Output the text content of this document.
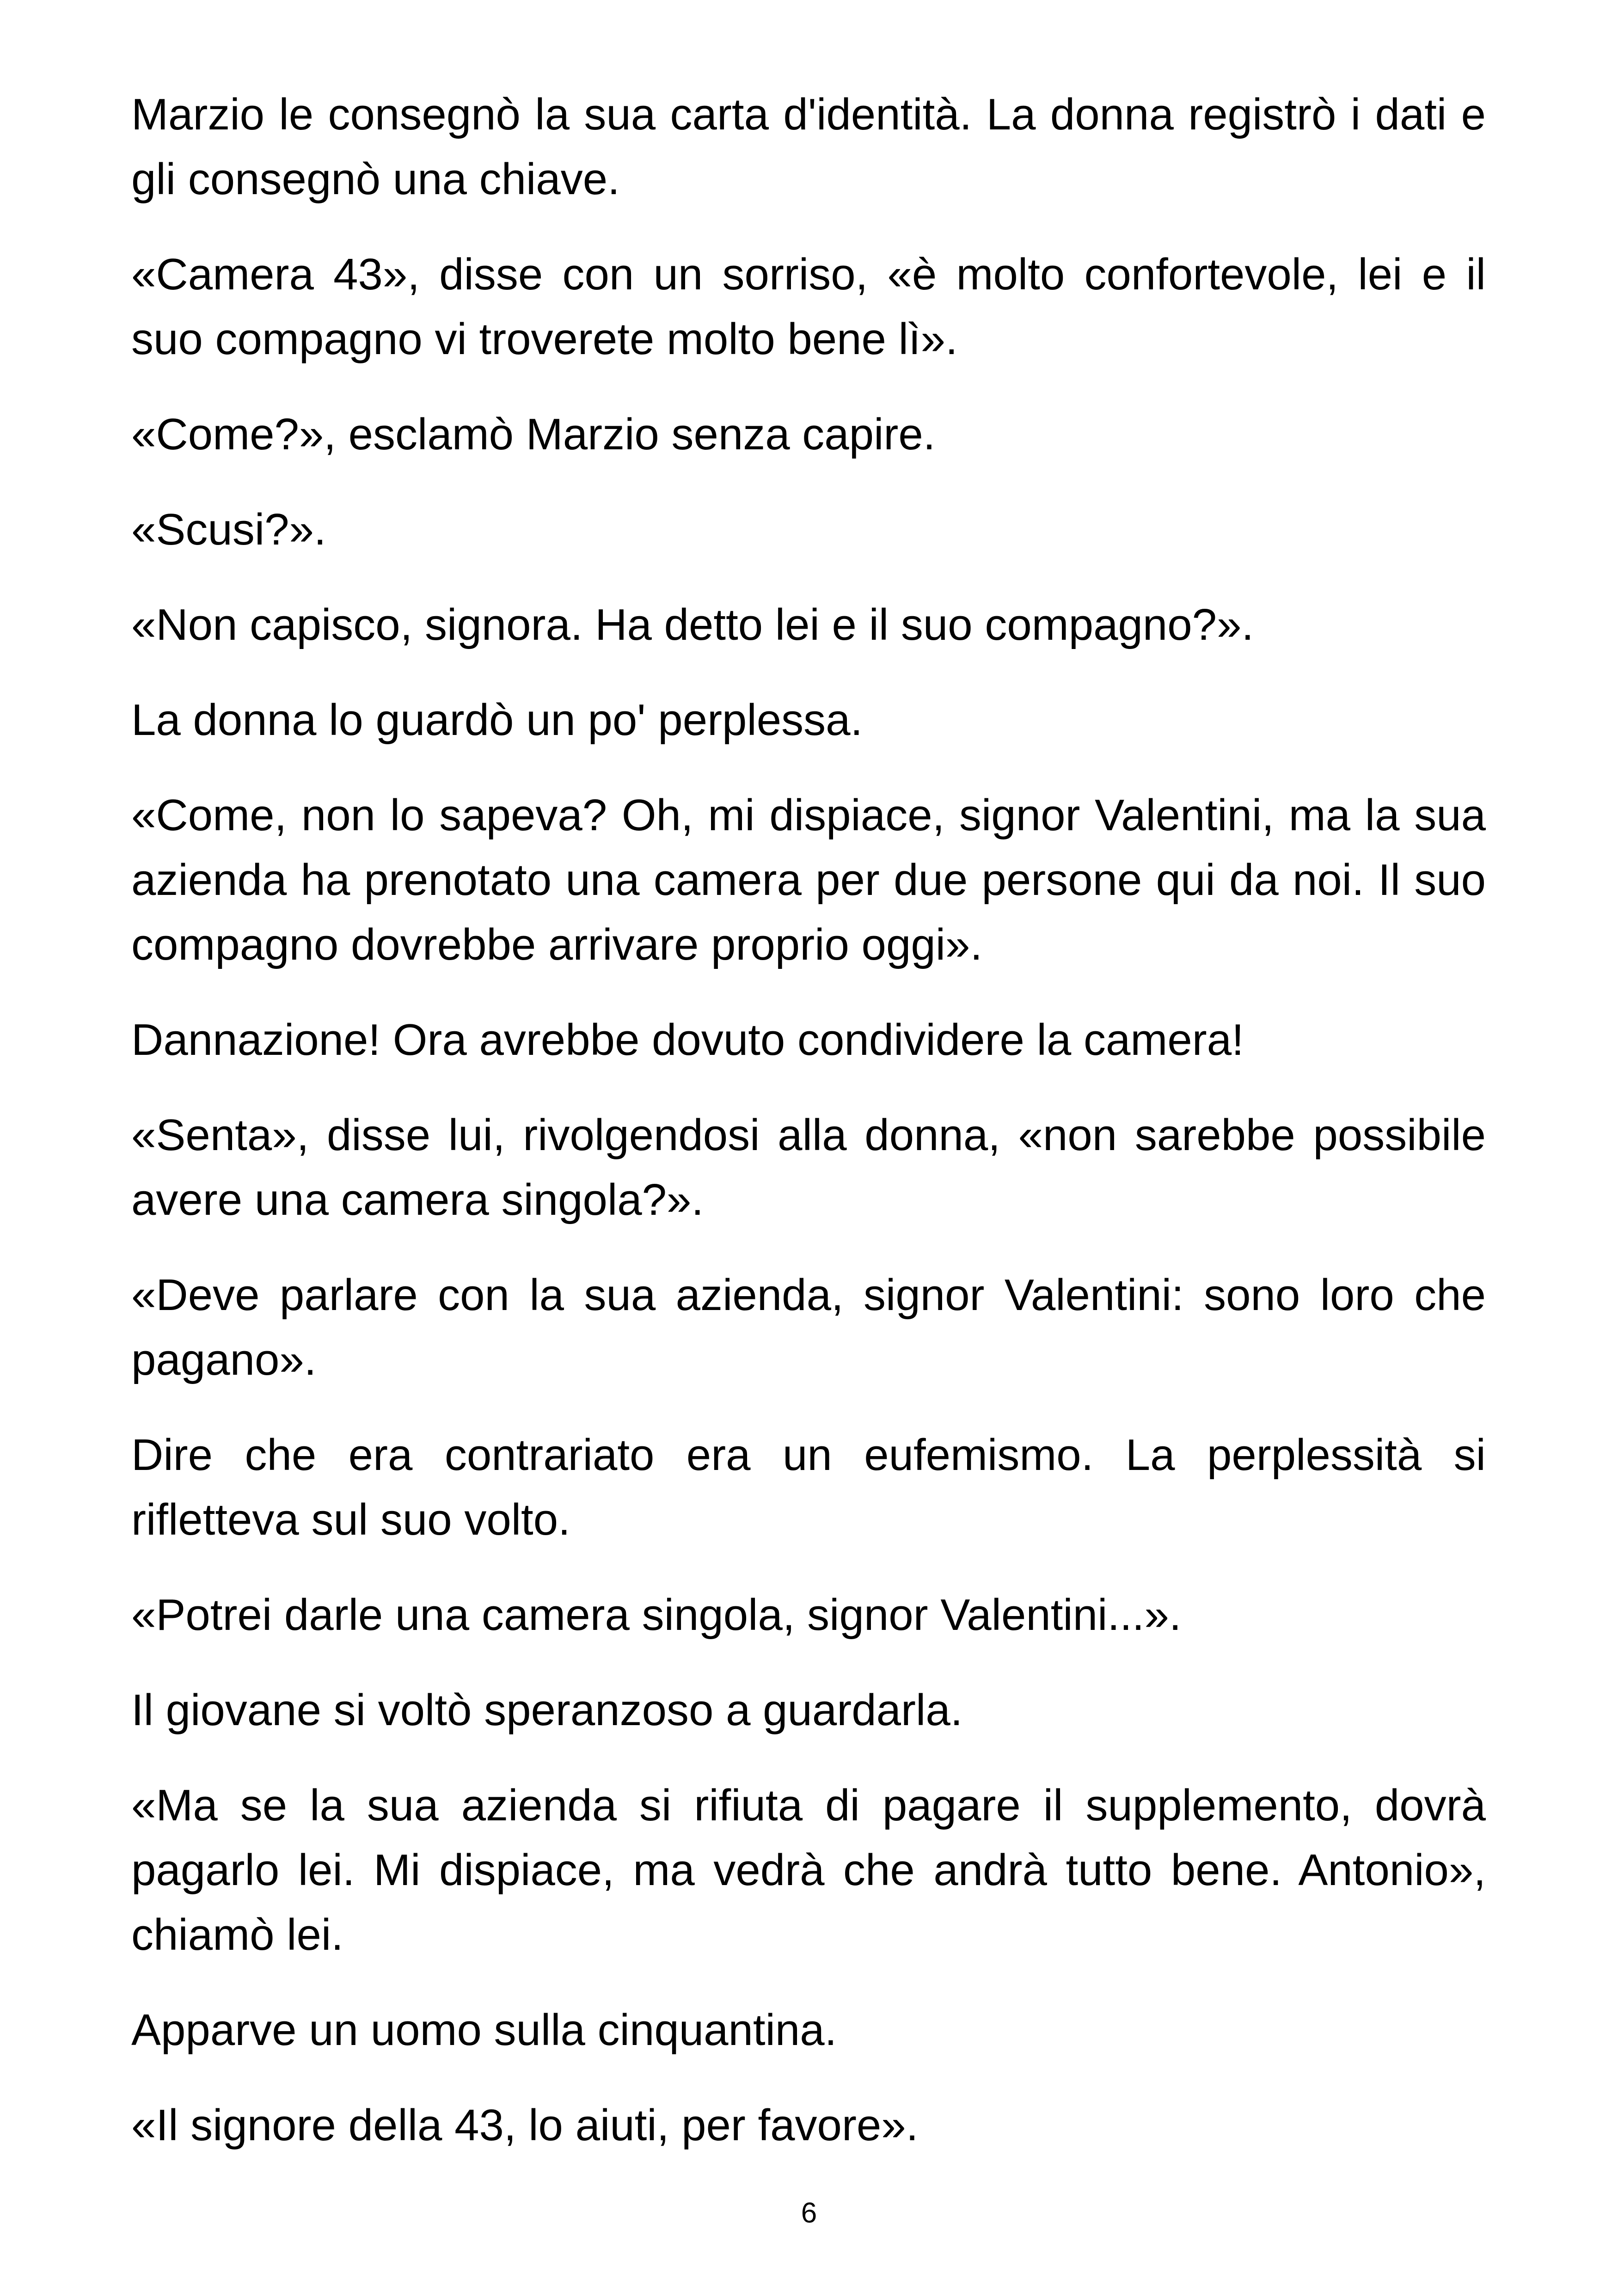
Marzio le consegnò la sua carta d'identità. La donna registrò i dati e gli consegnò una chiave.

«Camera 43», disse con un sorriso, «è molto confortevole, lei e il suo compagno vi troverete molto bene lì».

«Come?», esclamò Marzio senza capire.

«Scusi?».

«Non capisco, signora. Ha detto lei e il suo compagno?».

La donna lo guardò un po' perplessa.

«Come, non lo sapeva? Oh, mi dispiace, signor Valentini, ma la sua azienda ha prenotato una camera per due persone qui da noi. Il suo compagno dovrebbe arrivare proprio oggi».

Dannazione! Ora avrebbe dovuto condividere la camera!

«Senta», disse lui, rivolgendosi alla donna, «non sarebbe possibile avere una camera singola?».

«Deve parlare con la sua azienda, signor Valentini: sono loro che pagano».

Dire che era contrariato era un eufemismo. La perplessità si rifletteva sul suo volto.

«Potrei darle una camera singola, signor Valentini...».

Il giovane si voltò speranzoso a guardarla.

«Ma se la sua azienda si rifiuta di pagare il supplemento, dovrà pagarlo lei. Mi dispiace, ma vedrà che andrà tutto bene. Antonio», chiamò lei.

Apparve un uomo sulla cinquantina.

«Il signore della 43, lo aiuti, per favore».

6
